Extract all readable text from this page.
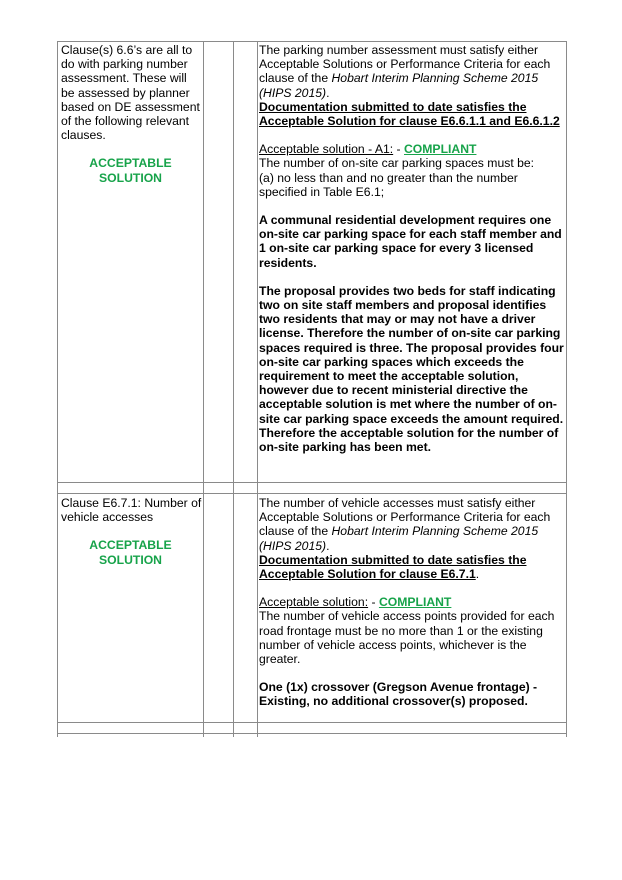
Clause(s) 6.6’s are all to do with parking number assessment. These will be assessed by planner based on DE assessment of the following relevant clauses.

ACCEPTABLE SOLUTION

The parking number assessment must satisfy either Acceptable Solutions or Performance Criteria for each clause of the Hobart Interim Planning Scheme 2015 (HIPS 2015).

Documentation submitted to date satisfies the Acceptable Solution for clause E6.6.1.1 and E6.6.1.2

Acceptable solution - A1: - COMPLIANT

The number of on-site car parking spaces must be:

(a) no less than and no greater than the number specified in Table E6.1;

A communal residential development requires one on-site car parking space for each staff member and 1 on-site car parking space for every 3 licensed residents.

The proposal provides two beds for staff indicating two on site staff members and proposal identifies two residents that may or may not have a driver license. Therefore the number of on-site car parking spaces required is three. The proposal provides four on-site car parking spaces which exceeds the requirement to meet the acceptable solution, however due to recent ministerial directive the acceptable solution is met where the number of on-site car parking space exceeds the amount required. Therefore the acceptable solution for the number of on-site parking has been met.

Clause E6.7.1: Number of vehicle accesses

ACCEPTABLE SOLUTION

The number of vehicle accesses must satisfy either Acceptable Solutions or Performance Criteria for each clause of the Hobart Interim Planning Scheme 2015 (HIPS 2015).

Documentation submitted to date satisfies the Acceptable Solution for clause E6.7.1.

Acceptable solution: - COMPLIANT

The number of vehicle access points provided for each road frontage must be no more than 1 or the existing number of vehicle access points, whichever is the greater.

One (1x) crossover (Gregson Avenue frontage) - Existing, no additional crossover(s) proposed.
